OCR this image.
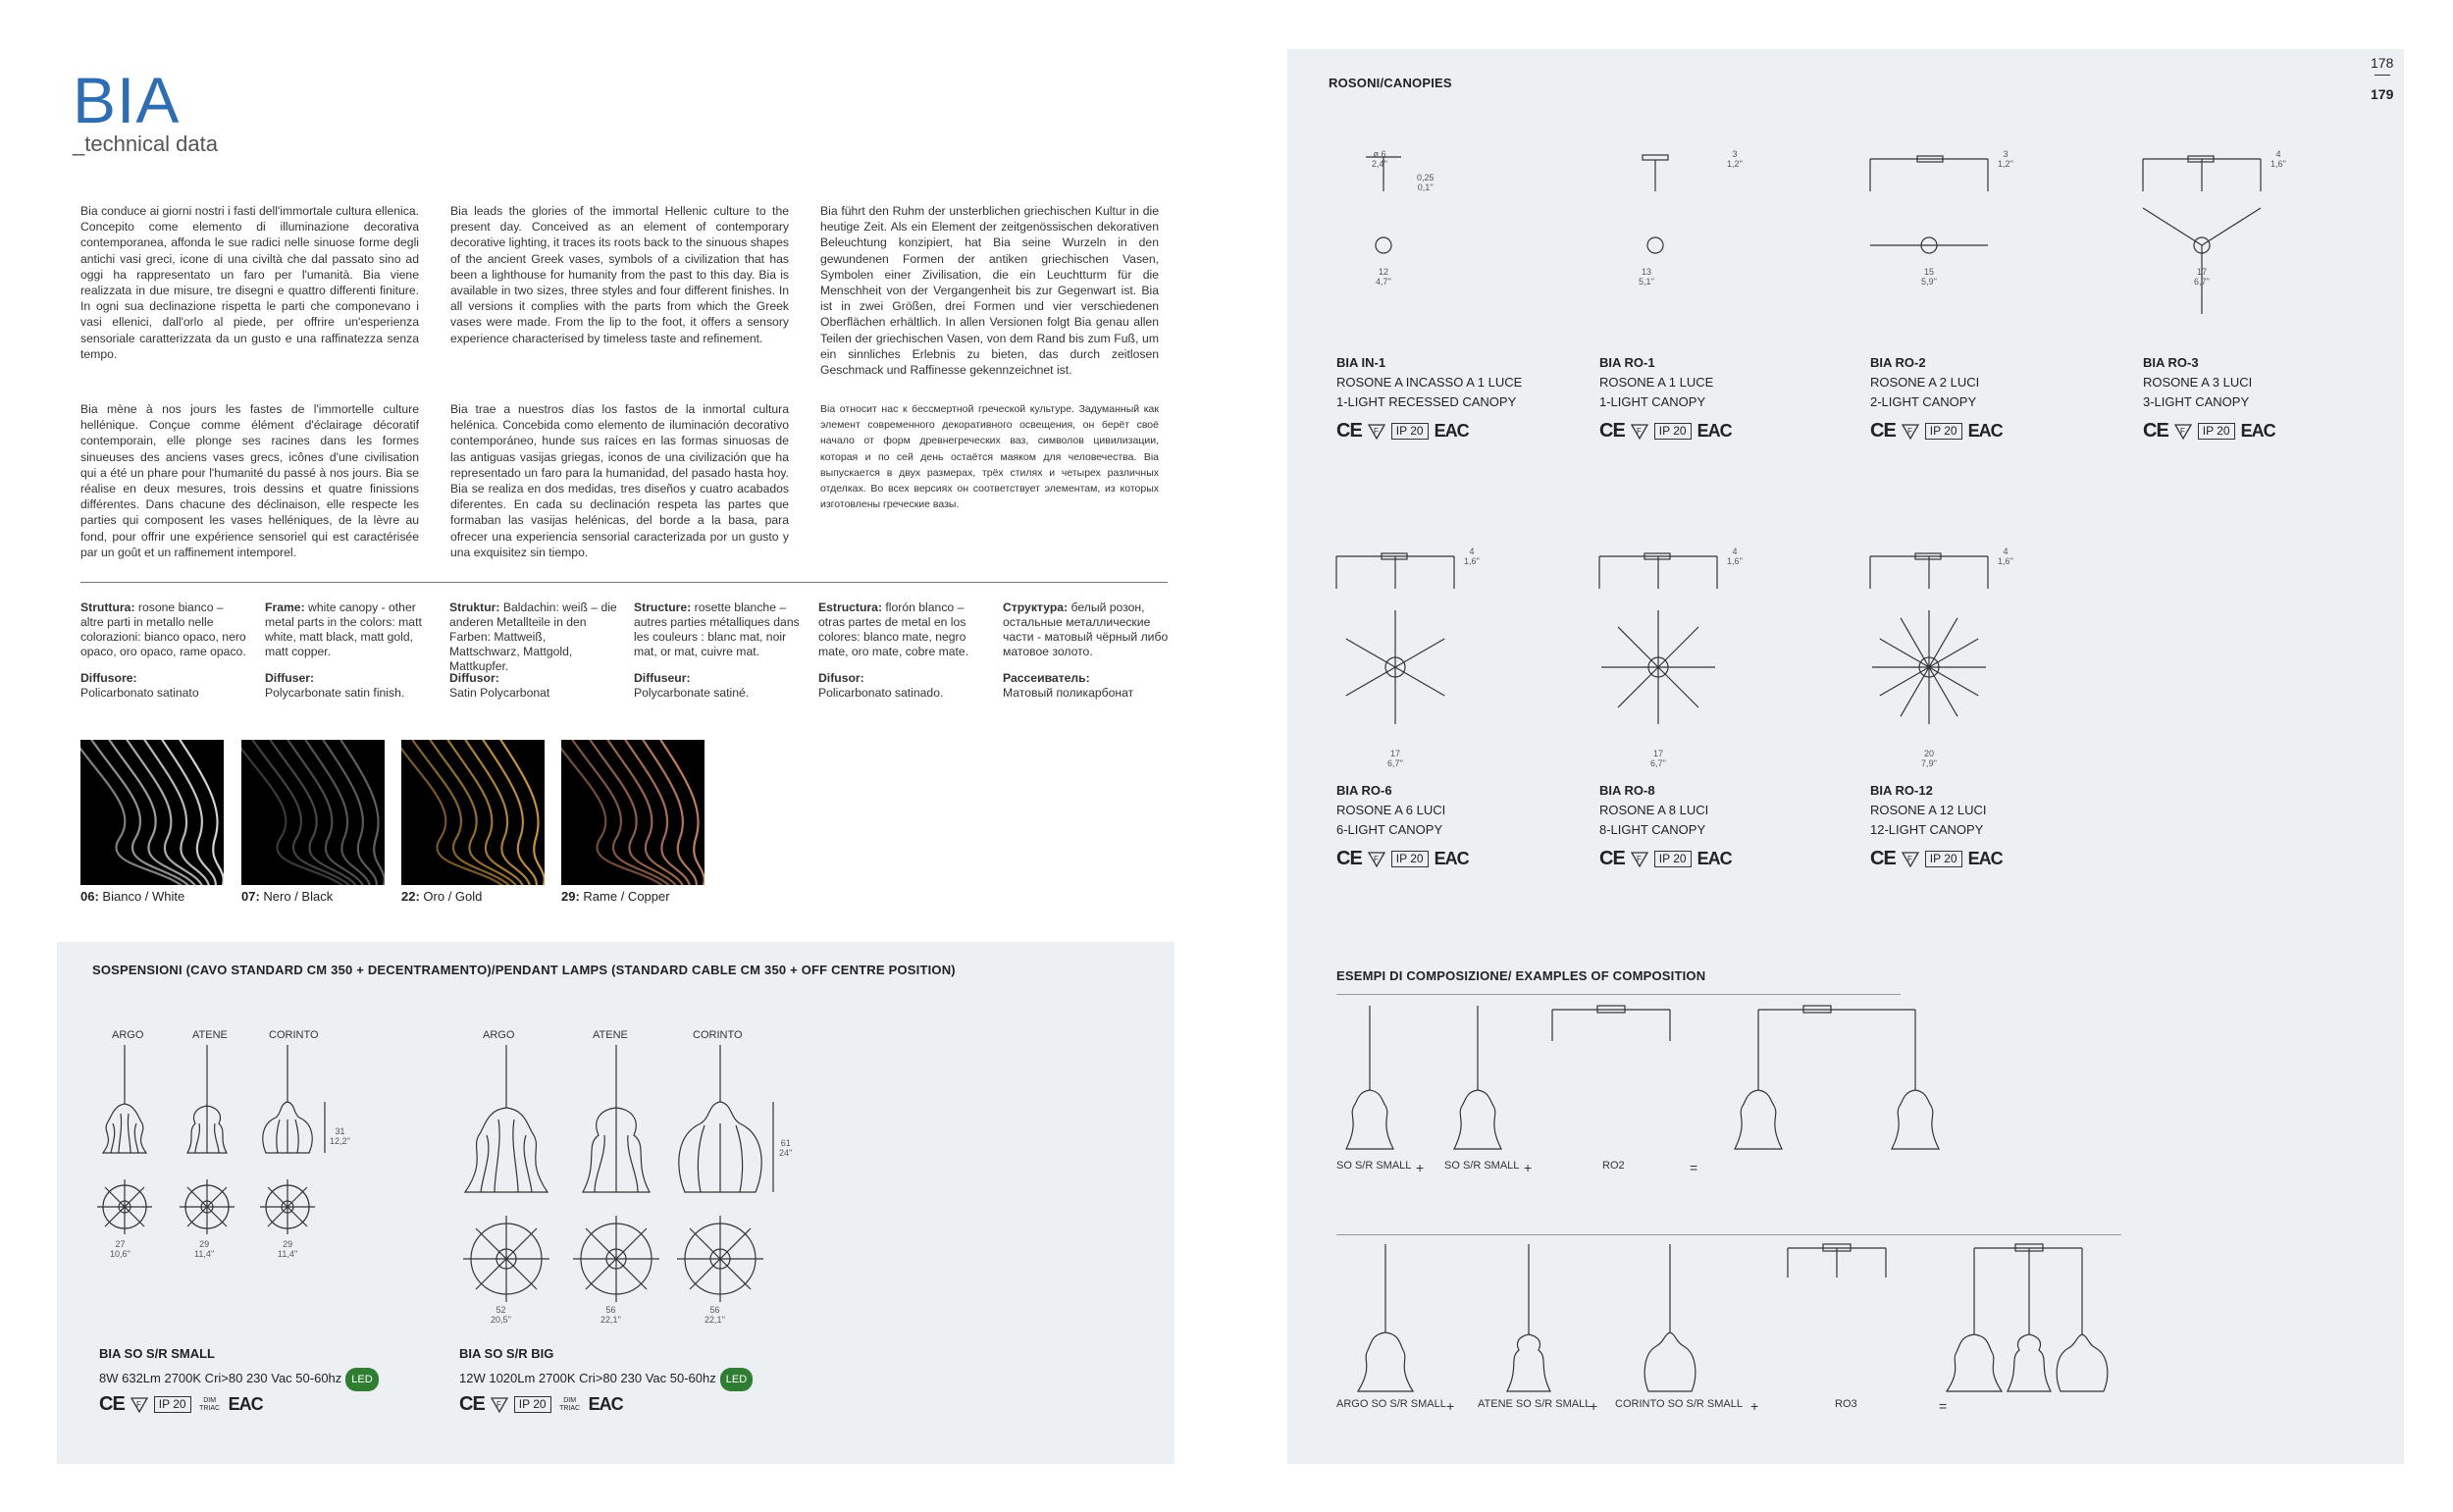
BIA
_technical data
Bia conduce ai giorni nostri i fasti dell'immortale cultura ellenica. Concepito come elemento di illuminazione decorativa contemporanea, affonda le sue radici nelle sinuose forme degli antichi vasi greci, icone di una civiltà che dal passato sino ad oggi ha rappresentato un faro per l'umanità. Bia viene realizzata in due misure, tre disegni e quattro differenti finiture. In ogni sua declinazione rispetta le parti che componevano i vasi ellenici, dall'orlo al piede, per offrire un'esperienza sensoriale caratterizzata da un gusto e una raffinatezza senza tempo.
Bia leads the glories of the immortal Hellenic culture to the present day. Conceived as an element of contemporary decorative lighting, it traces its roots back to the sinuous shapes of the ancient Greek vases, symbols of a civilization that has been a lighthouse for humanity from the past to this day. Bia is available in two sizes, three styles and four different finishes. In all versions it complies with the parts from which the Greek vases were made. From the lip to the foot, it offers a sensory experience characterised by timeless taste and refinement.
Bia führt den Ruhm der unsterblichen griechischen Kultur in die heutige Zeit. Als ein Element der zeitgenössischen dekorativen Beleuchtung konzipiert, hat Bia seine Wurzeln in den gewundenen Formen der antiken griechischen Vasen, Symbolen einer Zivilisation, die ein Leuchtturm für die Menschheit von der Vergangenheit bis zur Gegenwart ist. Bia ist in zwei Größen, drei Formen und vier verschiedenen Oberflächen erhältlich. In allen Versionen folgt Bia genau allen Teilen der griechischen Vasen, von dem Rand bis zum Fuß, um ein sinnliches Erlebnis zu bieten, das durch zeitlosen Geschmack und Raffinesse gekennzeichnet ist.
Bia mène à nos jours les fastes de l'immortelle culture hellénique. Conçue comme élément d'éclairage décoratif contemporain, elle plonge ses racines dans les formes sinueuses des anciens vases grecs, icônes d'une civilisation qui a été un phare pour l'humanité du passé à nos jours. Bia se réalise en deux mesures, trois dessins et quatre finissions différentes. Dans chacune des déclinaison, elle respecte les parties qui composent les vases helléniques, de la lèvre au fond, pour offrir une expérience sensoriel qui est caractérisée par un goût et un raffinement intemporel.
Bia trae a nuestros días los fastos de la inmortal cultura helénica. Concebida como elemento de iluminación decorativo contemporáneo, hunde sus raíces en las formas sinuosas de las antiguas vasijas griegas, iconos de una civilización que ha representado un faro para la humanidad, del pasado hasta hoy. Bia se realiza en dos medidas, tres diseños y cuatro acabados diferentes. En cada su declinación respeta las partes que formaban las vasijas helénicas, del borde a la basa, para ofrecer una experiencia sensorial caracterizada por un gusto y una exquisitez sin tiempo.
Bia относит нас к бессмертной греческой культуре. Задуманный как элемент современного декоративного освещения, он берёт своё начало от форм древнегреческих ваз, символов цивилизации, которая и по сей день остаётся маяком для человечества. Bia выпускается в двух размерах, трёх стилях и четырех различных отделках. Во всех версиях он соответствует элементам, из которых изготовлены греческие вазы.
Struttura: rosone bianco – altre parti in metallo nelle colorazioni: bianco opaco, nero opaco, oro opaco, rame opaco.
Diffusore:
Policarbonato satinato
Frame: white canopy - other metal parts in the colors: matt white, matt black, matt gold, matt copper.
Diffuser:
Polycarbonate satin finish.
Struktur: Baldachin: weiß – die anderen Metallteile in den Farben: Mattweiß, Mattschwarz, Mattgold, Mattkupfer.
Diffusor:
Satin Polycarbonat
Structure: rosette blanche – autres parties métalliques dans les couleurs : blanc mat, noir mat, or mat, cuivre mat.
Diffuseur:
Polycarbonate satiné.
Estructura: florón blanco – otras partes de metal en los colores: blanco mate, negro mate, oro mate, cobre mate.
Difusor:
Policarbonato satinado.
Структура: белый розон, остальные металлические части - матовый чёрный либо матовое золото.
Рассеиватель:
Матовый поликарбонат
06: Bianco / White	07: Nero / Black	22: Oro / Gold	29: Rame / Copper
SOSPENSIONI (CAVO STANDARD CM 350 + DECENTRAMENTO)/PENDANT LAMPS (STANDARD CABLE CM 350 + OFF CENTRE POSITION)
ARGO	ATENE	CORINTO
31
12,2''
27
10,6''
29
11,4''
29
11,4''
BIA SO S/R SMALL
8W 632Lm 2700K Cri>80 230 Vac 50-60hz LED
CE F	IP 20	DIM TRIAC EAC
ARGO	ATENE	CORINTO
61
24''
52
20,5''
56
22,1''
56
22,1''
BIA SO S/R BIG
12W 1020Lm 2700K Cri>80 230 Vac 50-60hz LED
CE F	IP 20	DIM TRIAC EAC
178
179
ROSONI/CANOPIES
BIA IN-1
ROSONE A INCASSO A 1 LUCE
1-LIGHT RECESSED CANOPY
CE F	IP 20 EAC
ø 6
2,4''
0,25
0,1''
12
4,7''
BIA RO-1
ROSONE A 1 LUCE
1-LIGHT CANOPY
CE F	IP 20 EAC
3
1,2''
13
5,1''
BIA RO-2
ROSONE A 2 LUCI
2-LIGHT CANOPY
CE F	IP 20 EAC
3
1,2''
15
5,9''
BIA RO-3
ROSONE A 3 LUCI
3-LIGHT CANOPY
CE F	IP 20 EAC
4
1,6''
17
6,7''
BIA RO-6
ROSONE A 6 LUCI
6-LIGHT CANOPY
CE F	IP 20 EAC
4
1,6''
17
6,7''
BIA RO-8
ROSONE A 8 LUCI
8-LIGHT CANOPY
CE F	IP 20 EAC
4
1,6''
17
6,7''
BIA RO-12
ROSONE A 12 LUCI
12-LIGHT CANOPY
CE F	IP 20 EAC
4
1,6''
20
7,9''
ESEMPI DI COMPOSIZIONE/ EXAMPLES OF COMPOSITION
SO S/R SMALL + SO S/R SMALL +	RO2	=
ARGO SO S/R SMALL + ATENE SO S/R SMALL
+ CORINTO SO S/R SMALL +	RO3	=
